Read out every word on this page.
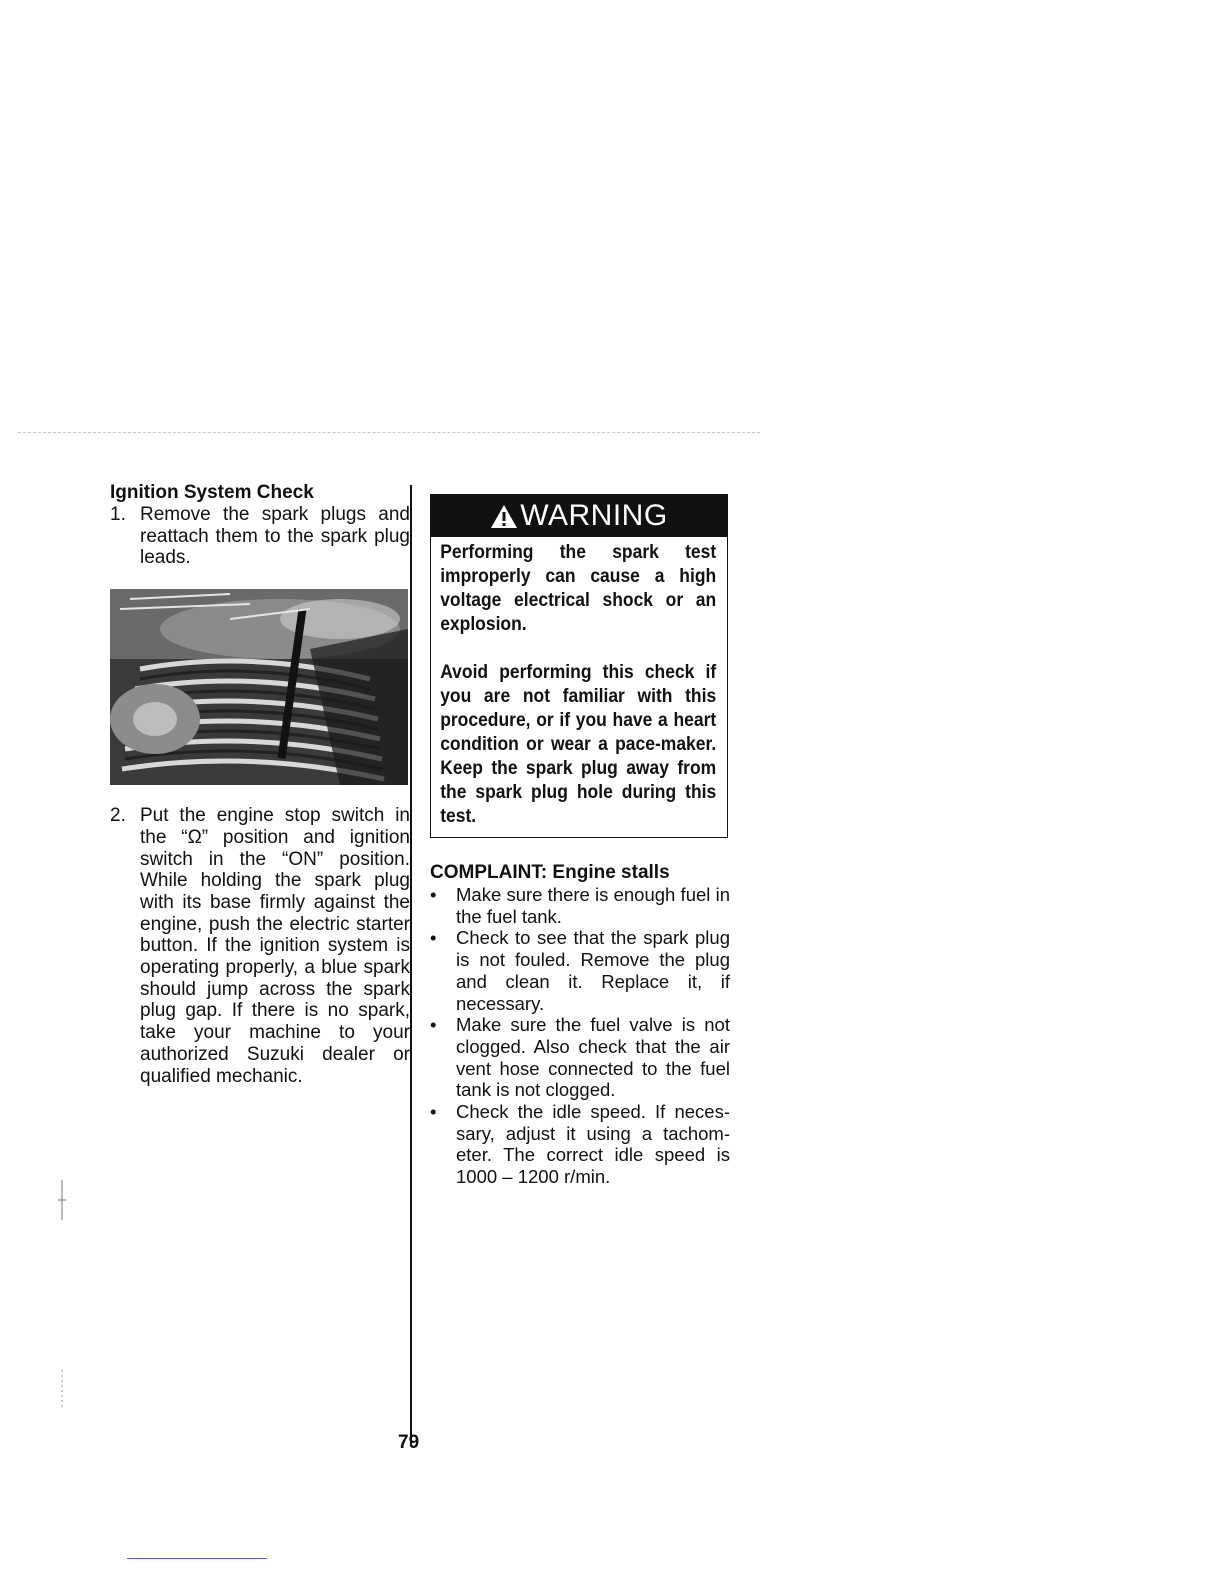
Ignition System Check
1. Remove the spark plugs and reattach them to the spark plug leads.
2. Put the engine stop switch in the “Ω” position and ignition switch in the “ON” position. While holding the spark plug with its base firmly against the engine, push the electric starter button. If the ignition system is operating properly, a blue spark should jump across the spark plug gap. If there is no spark, take your machine to your authorized Suzuki dealer or qualified mechanic.
WARNING

Performing the spark test improperly can cause a high voltage electrical shock or an explosion.

Avoid performing this check if you are not familiar with this procedure, or if you have a heart condition or wear a pace-maker. Keep the spark plug away from the spark plug hole during this test.

COMPLAINT: Engine stalls
•	Make sure there is enough fuel in the fuel tank.
•	Check to see that the spark plug is not fouled. Remove the plug and clean it. Replace it, if necessary.
•	Make sure the fuel valve is not clogged. Also check that the air vent hose connected to the fuel tank is not clogged.
•	Check the idle speed. If neces-sary, adjust it using a tachom-eter. The correct idle speed is 1000 – 1200 r/min.
79
